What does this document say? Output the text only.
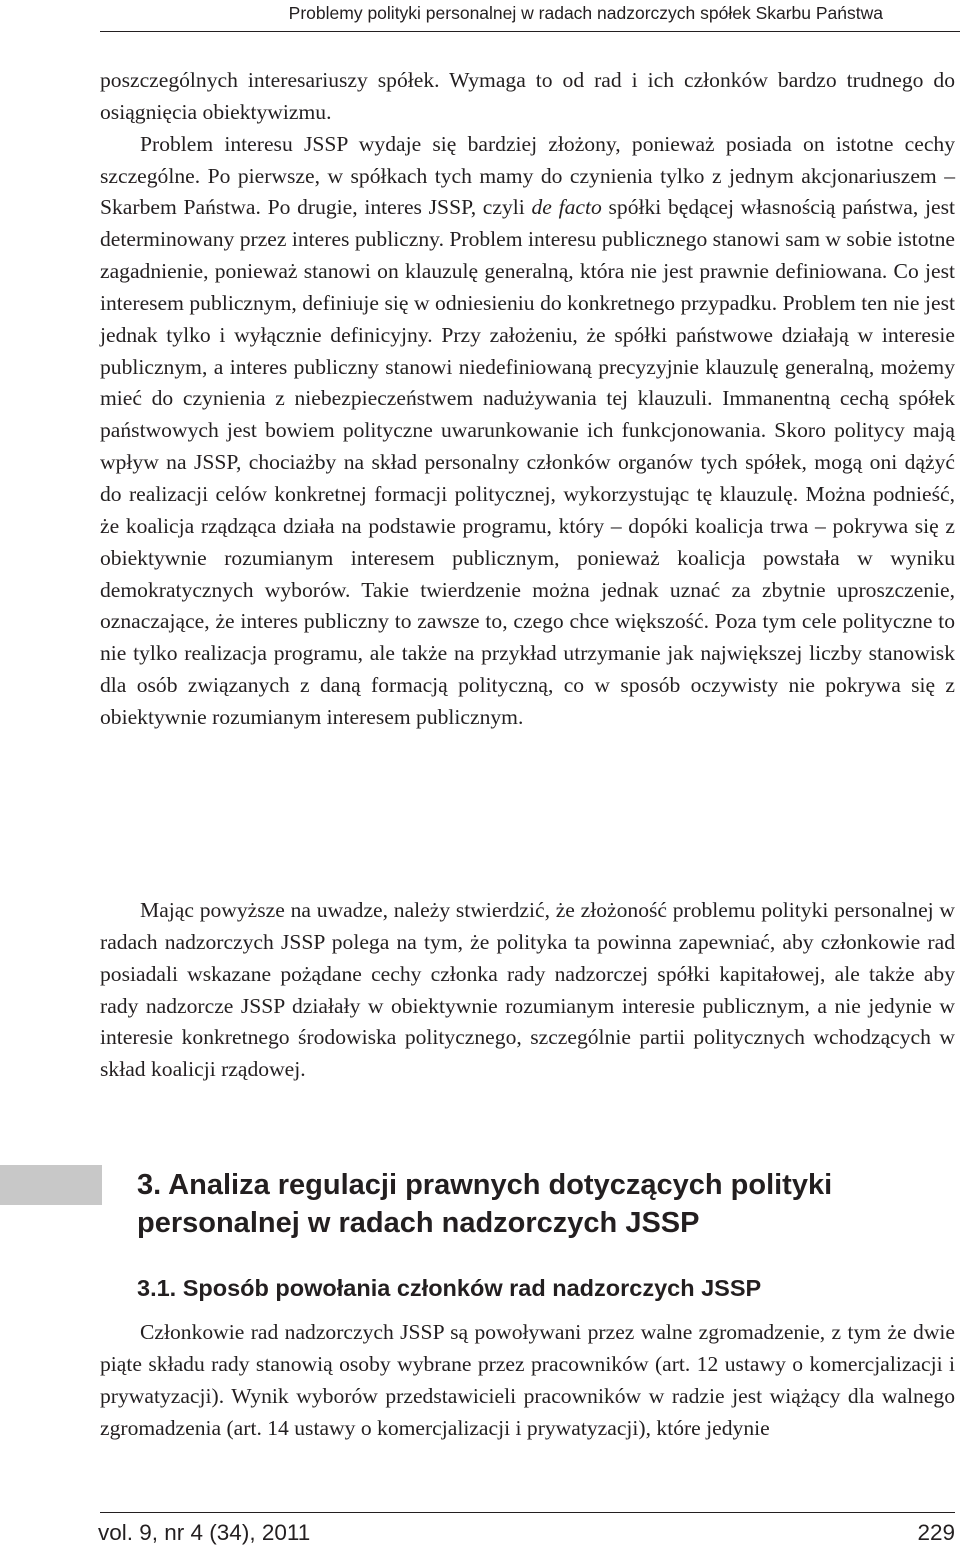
Problemy polityki personalnej w radach nadzorczych spółek Skarbu Państwa

poszczególnych interesariuszy spółek. Wymaga to od rad i ich członków bardzo trudnego do osiągnięcia obiektywizmu.
Problem interesu JSSP wydaje się bardziej złożony, ponieważ posiada on istotne cechy szczególne. Po pierwsze, w spółkach tych mamy do czynienia tylko z jednym akcjonariuszem – Skarbem Państwa. Po drugie, interes JSSP, czyli de facto spółki będącej własnością państwa, jest determinowany przez interes publiczny. Problem interesu publicznego stanowi sam w sobie istotne zagadnienie, ponieważ stanowi on klauzulę generalną, która nie jest prawnie definiowana. Co jest interesem publicznym, definiuje się w odniesieniu do konkretnego przypadku. Problem ten nie jest jednak tylko i wyłącznie definicyjny. Przy założeniu, że spółki państwowe działają w interesie publicznym, a interes publiczny stanowi niedefiniowaną precyzyjnie klauzulę generalną, możemy mieć do czynienia z niebezpieczeństwem nadużywania tej klauzuli. Immanentną cechą spółek państwowych jest bowiem polityczne uwarunkowanie ich funkcjonowania. Skoro politycy mają wpływ na JSSP, chociażby na skład personalny członków organów tych spółek, mogą oni dążyć do realizacji celów konkretnej formacji politycznej, wykorzystując tę klauzulę. Można podnieść, że koalicja rządząca działa na podstawie programu, który – dopóki koalicja trwa – pokrywa się z obiektywnie rozumianym interesem publicznym, ponieważ koalicja powstała w wyniku demokratycznych wyborów. Takie twierdzenie można jednak uznać za zbytnie uproszczenie, oznaczające, że interes publiczny to zawsze to, czego chce większość. Poza tym cele polityczne to nie tylko realizacja programu, ale także na przykład utrzymanie jak największej liczby stanowisk dla osób związanych z daną formacją polityczną, co w sposób oczywisty nie pokrywa się z obiektywnie rozumianym interesem publicznym.

Mając powyższe na uwadze, należy stwierdzić, że złożoność problemu polityki personalnej w radach nadzorczych JSSP polega na tym, że polityka ta powinna zapewniać, aby członkowie rad posiadali wskazane pożądane cechy członka rady nadzorczej spółki kapitałowej, ale także aby rady nadzorcze JSSP działały w obiektywnie rozumianym interesie publicznym, a nie jedynie w interesie konkretnego środowiska politycznego, szczególnie partii politycznych wchodzących w skład koalicji rządowej.

3. Analiza regulacji prawnych dotyczących polityki personalnej w radach nadzorczych JSSP
3.1. Sposób powołania członków rad nadzorczych JSSP

Członkowie rad nadzorczych JSSP są powoływani przez walne zgromadzenie, z tym że dwie piąte składu rady stanowią osoby wybrane przez pracowników (art. 12 ustawy o komercjalizacji i prywatyzacji). Wynik wyborów przedstawicieli pracowników w radzie jest wiążący dla walnego zgromadzenia (art. 14 ustawy o komercjalizacji i prywatyzacji), które jedynie

vol. 9, nr 4 (34), 2011	229
